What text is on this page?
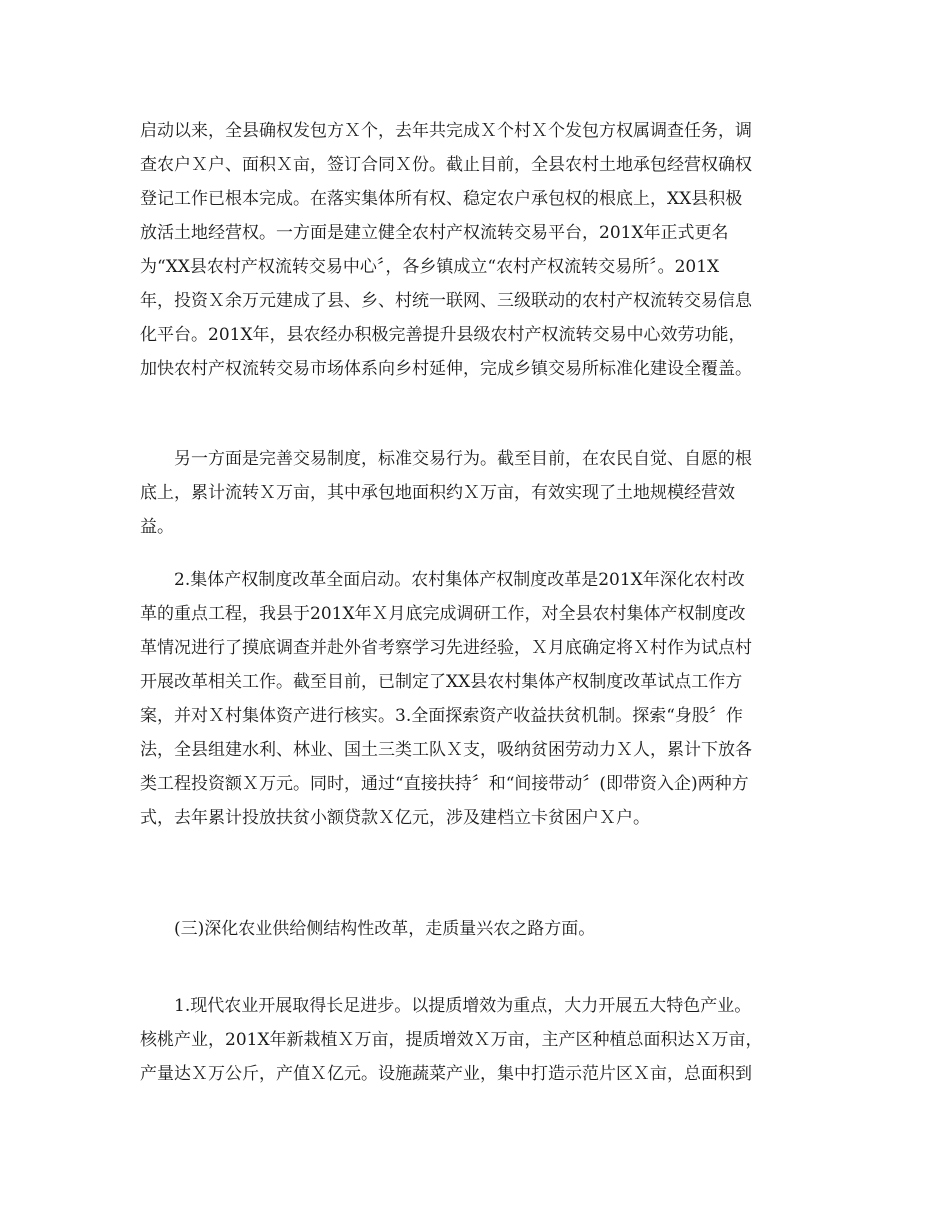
启动以来，全县确权发包方Ｘ个，去年共完成Ｘ个村Ｘ个发包方权属调查任务，调
查农户Ｘ户、面积Ｘ亩，签订合同Ｘ份。截止目前，全县农村土地承包经营权确权
登记工作已根本完成。在落实集体所有权、稳定农户承包权的根底上，XX县积极
放活土地经营权。一方面是建立健全农村产权流转交易平台，201X年正式更名
为“XX县农村产权流转交易中心〞，各乡镇成立“农村产权流转交易所〞。201X
年，投资Ｘ余万元建成了县、乡、村统一联网、三级联动的农村产权流转交易信息
化平台。201X年，县农经办积极完善提升县级农村产权流转交易中心效劳功能，
加快农村产权流转交易市场体系向乡村延伸，完成乡镇交易所标准化建设全覆盖。

　　另一方面是完善交易制度，标准交易行为。截至目前，在农民自觉、自愿的根
底上，累计流转Ｘ万亩，其中承包地面积约Ｘ万亩，有效实现了土地规模经营效
益。

　　2.集体产权制度改革全面启动。农村集体产权制度改革是201X年深化农村改
革的重点工程，我县于201X年Ｘ月底完成调研工作，对全县农村集体产权制度改
革情况进行了摸底调查并赴外省考察学习先进经验，Ｘ月底确定将Ｘ村作为试点村
开展改革相关工作。截至目前，已制定了XX县农村集体产权制度改革试点工作方
案，并对Ｘ村集体资产进行核实。3.全面探索资产收益扶贫机制。探索“身股〞作
法，全县组建水利、林业、国土三类工队Ｘ支，吸纳贫困劳动力Ｘ人，累计下放各
类工程投资额Ｘ万元。同时，通过“直接扶持〞和“间接带动〞(即带资入企)两种方
式，去年累计投放扶贫小额贷款Ｘ亿元，涉及建档立卡贫困户Ｘ户。

　　(三)深化农业供给侧结构性改革，走质量兴农之路方面。

　　1.现代农业开展取得长足进步。以提质增效为重点，大力开展五大特色产业。
核桃产业，201X年新栽植Ｘ万亩，提质增效Ｘ万亩，主产区种植总面积达Ｘ万亩，
产量达Ｘ万公斤，产值Ｘ亿元。设施蔬菜产业，集中打造示范片区Ｘ亩，总面积到
